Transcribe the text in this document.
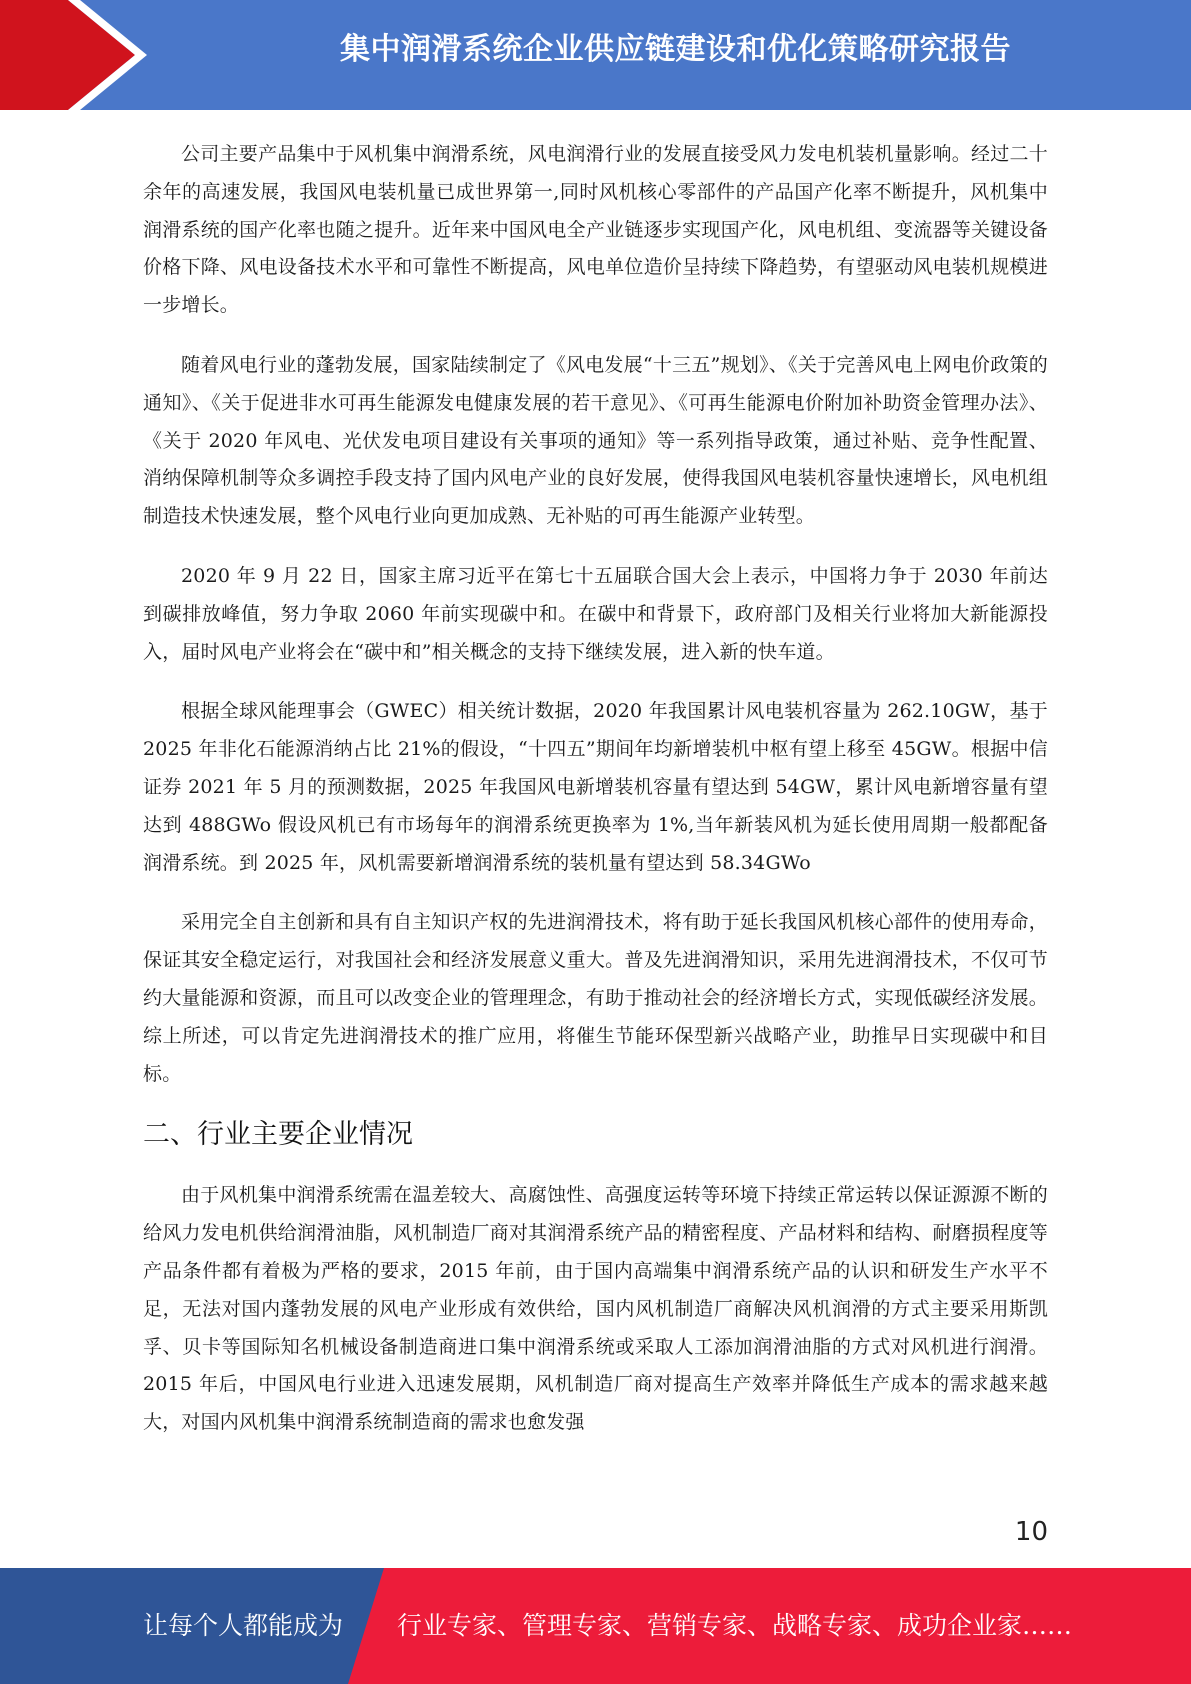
集中润滑系统企业供应链建设和优化策略研究报告

公司主要产品集中于风机集中润滑系统，风电润滑行业的发展直接受风力发电机装机量影响。经过二十余年的高速发展，我国风电装机量已成世界第一,同时风机核心零部件的产品国产化率不断提升，风机集中润滑系统的国产化率也随之提升。近年来中国风电全产业链逐步实现国产化，风电机组、变流器等关键设备价格下降、风电设备技术水平和可靠性不断提高，风电单位造价呈持续下降趋势，有望驱动风电装机规模进一步增长。

随着风电行业的蓬勃发展，国家陆续制定了《风电发展“十三五”规划》、《关于完善风电上网电价政策的通知》、《关于促进非水可再生能源发电健康发展的若干意见》、《可再生能源电价附加补助资金管理办法》、《关于 2020 年风电、光伏发电项目建设有关事项的通知》等一系列指导政策，通过补贴、竞争性配置、消纳保障机制等众多调控手段支持了国内风电产业的良好发展，使得我国风电装机容量快速增长，风电机组制造技术快速发展，整个风电行业向更加成熟、无补贴的可再生能源产业转型。

2020 年 9 月 22 日，国家主席习近平在第七十五届联合国大会上表示，中国将力争于 2030 年前达到碳排放峰值，努力争取 2060 年前实现碳中和。在碳中和背景下，政府部门及相关行业将加大新能源投入，届时风电产业将会在“碳中和”相关概念的支持下继续发展，进入新的快车道。

根据全球风能理事会（GWEC）相关统计数据，2020 年我国累计风电装机容量为 262.10GW，基于 2025 年非化石能源消纳占比 21%的假设，“十四五”期间年均新增装机中枢有望上移至 45GW。根据中信证券 2021 年 5 月的预测数据，2025 年我国风电新增装机容量有望达到 54GW，累计风电新增容量有望达到 488GWo 假设风机已有市场每年的润滑系统更换率为 1%,当年新装风机为延长使用周期一般都配备润滑系统。到 2025 年，风机需要新增润滑系统的装机量有望达到 58.34GWo

采用完全自主创新和具有自主知识产权的先进润滑技术，将有助于延长我国风机核心部件的使用寿命，保证其安全稳定运行，对我国社会和经济发展意义重大。普及先进润滑知识，采用先进润滑技术，不仅可节约大量能源和资源，而且可以改变企业的管理理念，有助于推动社会的经济增长方式，实现低碳经济发展。综上所述，可以肯定先进润滑技术的推广应用，将催生节能环保型新兴战略产业，助推早日实现碳中和目标。

二、行业主要企业情况

由于风机集中润滑系统需在温差较大、高腐蚀性、高强度运转等环境下持续正常运转以保证源源不断的给风力发电机供给润滑油脂，风机制造厂商对其润滑系统产品的精密程度、产品材料和结构、耐磨损程度等产品条件都有着极为严格的要求，2015 年前，由于国内高端集中润滑系统产品的认识和研发生产水平不足，无法对国内蓬勃发展的风电产业形成有效供给，国内风机制造厂商解决风机润滑的方式主要采用斯凯孚、贝卡等国际知名机械设备制造商进口集中润滑系统或采取人工添加润滑油脂的方式对风机进行润滑。2015 年后，中国风电行业进入迅速发展期，风机制造厂商对提高生产效率并降低生产成本的需求越来越大，对国内风机集中润滑系统制造商的需求也愈发强

10
让每个人都能成为 行业专家、管理专家、营销专家、战略专家、成功企业家……
